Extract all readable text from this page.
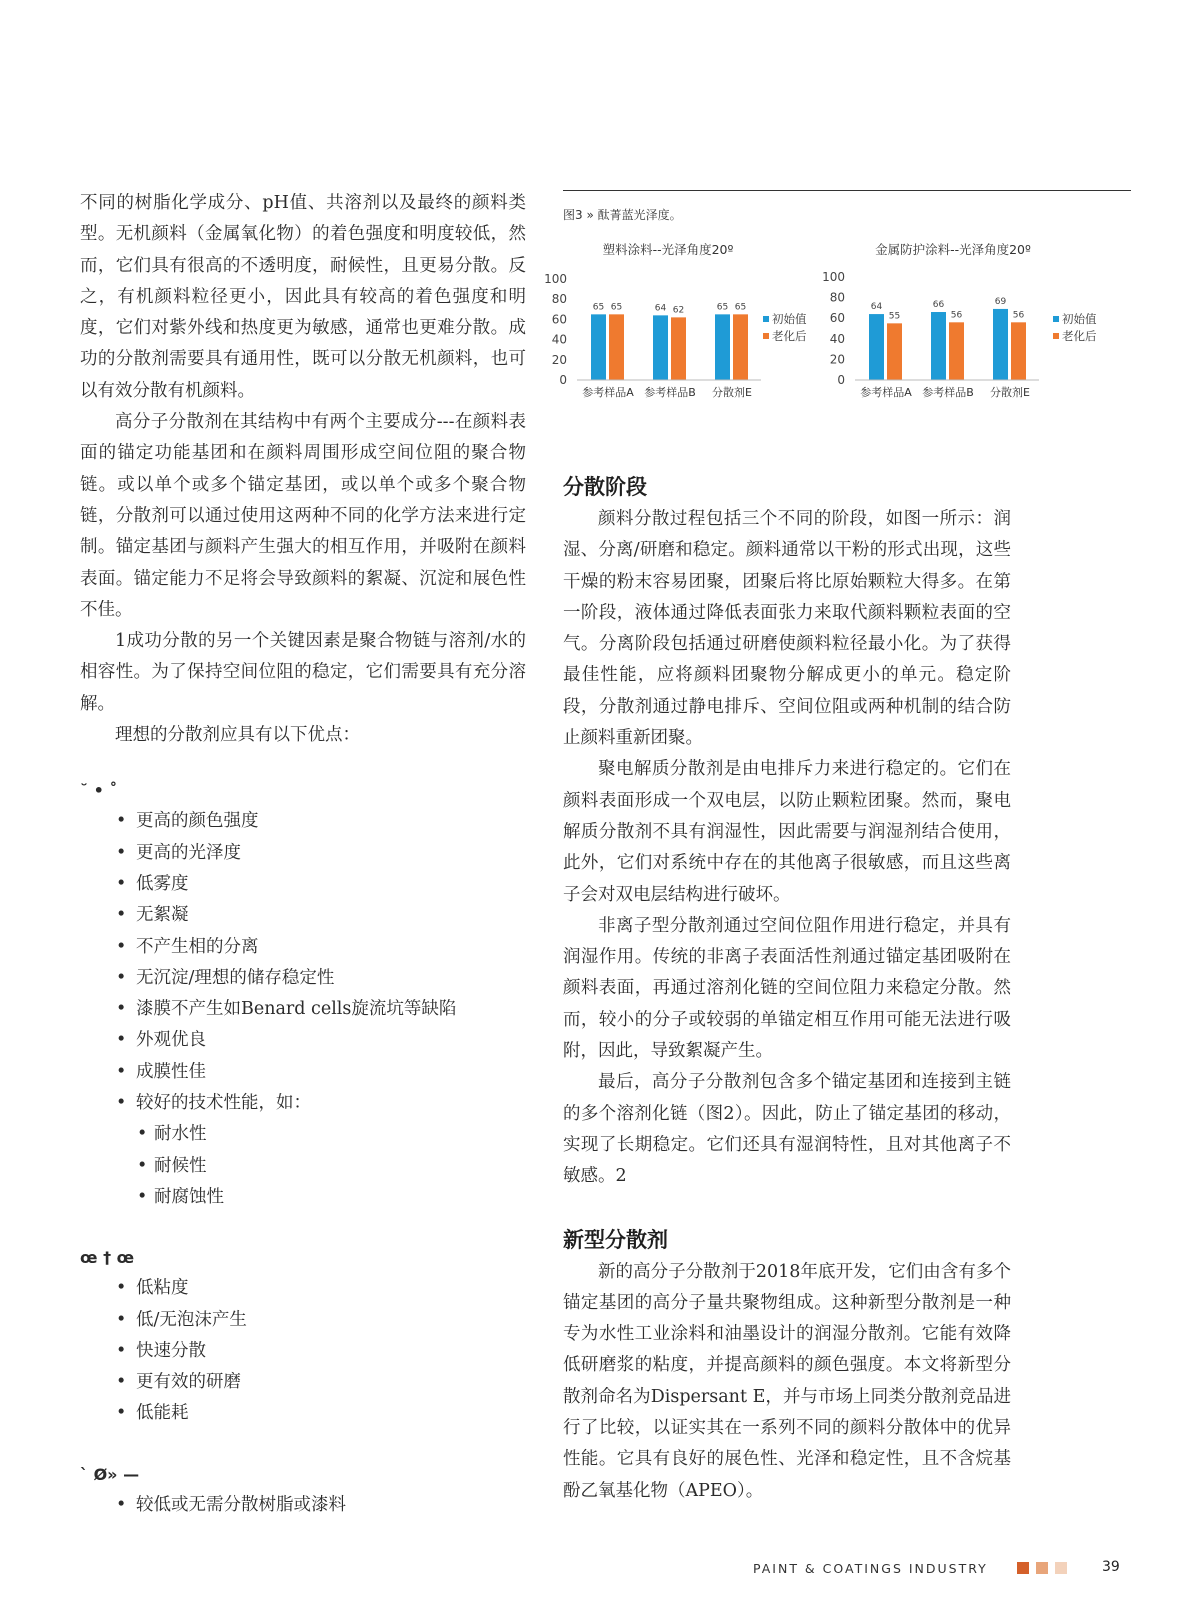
不同的树脂化学成分、pH值、共溶剂以及最终的颜料类型。无机颜料（金属氧化物）的着色强度和明度较低，然而，它们具有很高的不透明度，耐候性，且更易分散。反之，有机颜料粒径更小，因此具有较高的着色强度和明度，它们对紫外线和热度更为敏感，通常也更难分散。成功的分散剂需要具有通用性，既可以分散无机颜料，也可以有效分散有机颜料。

高分子分散剂在其结构中有两个主要成分---在颜料表面的锚定功能基团和在颜料周围形成空间位阻的聚合物链。或以单个或多个锚定基团，或以单个或多个聚合物链，分散剂可以通过使用这两种不同的化学方法来进行定制。锚定基团与颜料产生强大的相互作用，并吸附在颜料表面。锚定能力不足将会导致颜料的絮凝、沉淀和展色性不佳。

1成功分散的另一个关键因素是聚合物链与溶剂/水的相容性。为了保持空间位阻的稳定，它们需要具有充分溶解。

理想的分散剂应具有以下优点：

˘ • ˚
• 更高的颜色强度
• 更高的光泽度
• 低雾度
• 无絮凝
• 不产生相的分离
• 无沉淀/理想的储存稳定性
• 漆膜不产生如Benard cells旋流坑等缺陷
• 外观优良
• 成膜性佳
• 较好的技术性能，如：
• 耐水性
• 耐候性
• 耐腐蚀性
œ † œ
• 低粘度
• 低/无泡沫产生
• 快速分散
• 更有效的研磨
• 低能耗
` Ø» —
• 较低或无需分散树脂或漆料
图3 » 酞菁蓝光泽度。
塑料涂料--光泽角度20º
0
20
40
60
80
100
65 65
参考样品A
64 62
参考样品B
65 65
分散剂E
初始值
老化后
金属防护涂料--光泽角度20º
0
20
40
60
80
100
64
55
参考样品A
66
56
参考样品B
69
56
分散剂E
初始值
老化后
分散阶段

颜料分散过程包括三个不同的阶段，如图一所示：润湿、分离/研磨和稳定。颜料通常以干粉的形式出现，这些干燥的粉末容易团聚，团聚后将比原始颗粒大得多。在第一阶段，液体通过降低表面张力来取代颜料颗粒表面的空气。分离阶段包括通过研磨使颜料粒径最小化。为了获得最佳性能，应将颜料团聚物分解成更小的单元。稳定阶段，分散剂通过静电排斥、空间位阻或两种机制的结合防止颜料重新团聚。

聚电解质分散剂是由电排斥力来进行稳定的。它们在颜料表面形成一个双电层，以防止颗粒团聚。然而，聚电解质分散剂不具有润湿性，因此需要与润湿剂结合使用，此外，它们对系统中存在的其他离子很敏感，而且这些离子会对双电层结构进行破坏。

非离子型分散剂通过空间位阻作用进行稳定，并具有润湿作用。传统的非离子表面活性剂通过锚定基团吸附在颜料表面，再通过溶剂化链的空间位阻力来稳定分散。然而，较小的分子或较弱的单锚定相互作用可能无法进行吸附，因此，导致絮凝产生。

最后，高分子分散剂包含多个锚定基团和连接到主链的多个溶剂化链（图2）。因此，防止了锚定基团的移动，实现了长期稳定。它们还具有湿润特性，且对其他离子不敏感。2

新型分散剂

新的高分子分散剂于2018年底开发，它们由含有多个锚定基团的高分子量共聚物组成。这种新型分散剂是一种专为水性工业涂料和油墨设计的润湿分散剂。它能有效降低研磨浆的粘度，并提高颜料的颜色强度。本文将新型分散剂命名为Dispersant E，并与市场上同类分散剂竞品进行了比较，以证实其在一系列不同的颜料分散体中的优异性能。它具有良好的展色性、光泽和稳定性，且不含烷基酚乙氧基化物（APEO）。

PAINT & COATINGS INDUSTRY	39
